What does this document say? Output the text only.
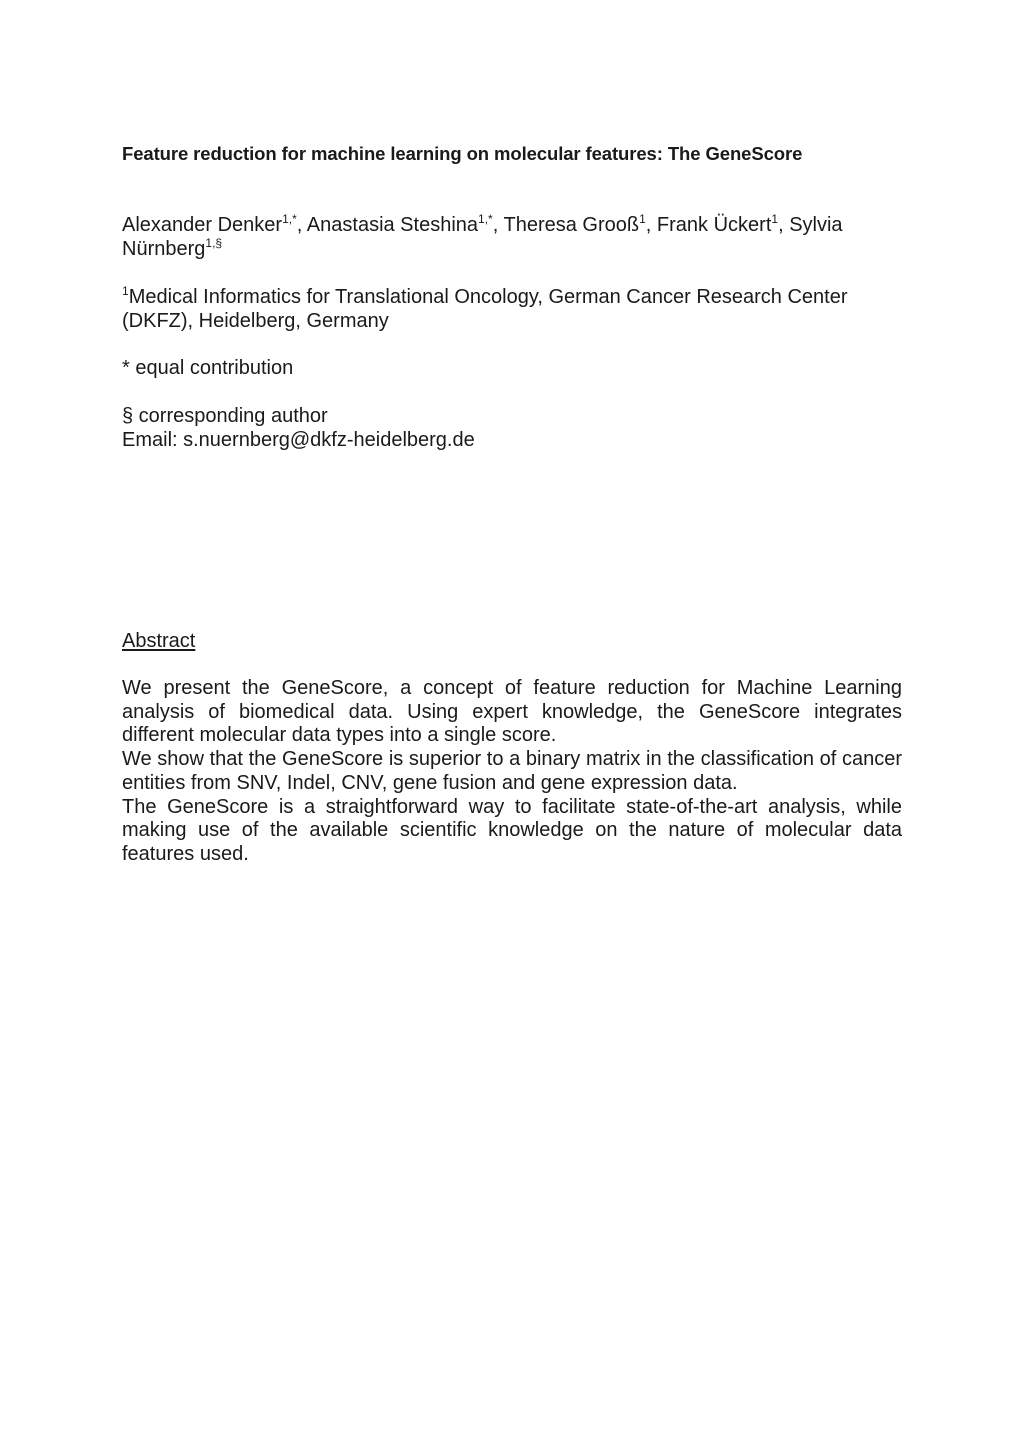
Feature reduction for machine learning on molecular features: The GeneScore
Alexander Denker$^{1,*}$, Anastasia Steshina$^{1,*}$, Theresa Grooß$^1$, Frank Ückert$^1$, Sylvia Nürnberg$^{1,\S}$
$^1$Medical Informatics for Translational Oncology, German Cancer Research Center (DKFZ), Heidelberg, Germany
* equal contribution
§ corresponding author
Email: s.nuernberg@dkfz-heidelberg.de
Abstract

We present the GeneScore, a concept of feature reduction for Machine Learning analysis of biomedical data. Using expert knowledge, the GeneScore integrates different molecular data types into a single score.

We show that the GeneScore is superior to a binary matrix in the classification of cancer entities from SNV, Indel, CNV, gene fusion and gene expression data.

The GeneScore is a straightforward way to facilitate state-of-the-art analysis, while making use of the available scientific knowledge on the nature of molecular data features used.
